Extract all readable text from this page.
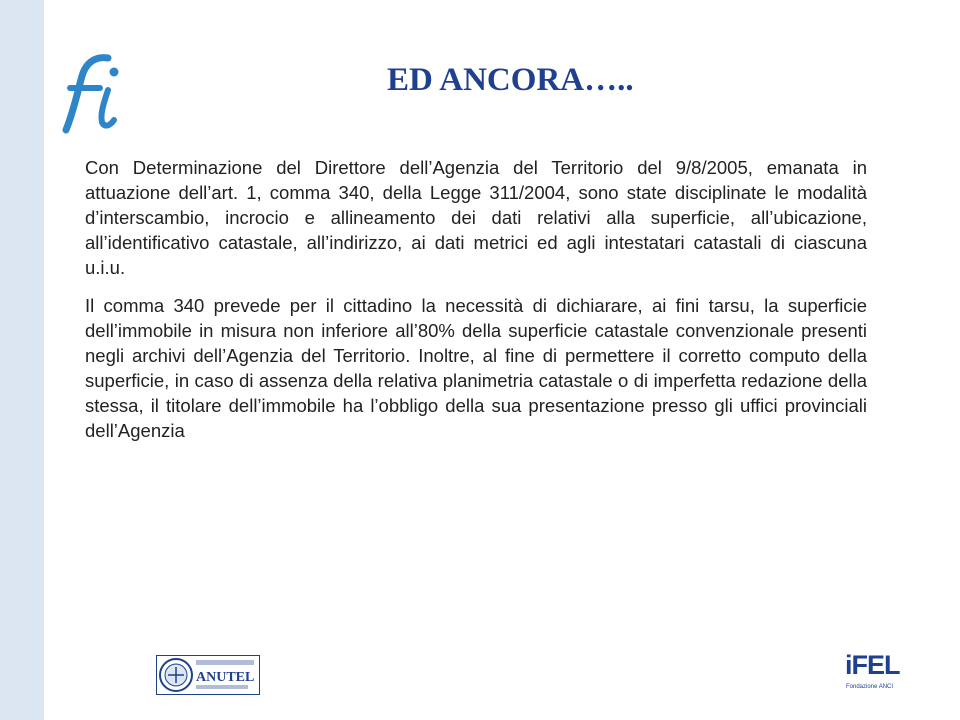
ED ANCORA…..

Con Determinazione del Direttore dell’Agenzia del Territorio del 9/8/2005, emanata in attuazione dell’art. 1, comma 340, della Legge 311/2004, sono state disciplinate le modalità d’interscambio, incrocio e allineamento dei dati relativi alla superficie, all’ubicazione, all’identificativo catastale, all’indirizzo, ai dati metrici ed agli intestatari catastali di ciascuna u.i.u.

Il comma 340 prevede per il cittadino la necessità di dichiarare, ai fini tarsu, la superficie dell’immobile in misura non inferiore all’80% della superficie catastale convenzionale presenti negli archivi dell’Agenzia del Territorio. Inoltre, al fine di permettere il corretto computo della superficie, in caso di assenza della relativa planimetria catastale o di imperfetta redazione della stessa, il titolare dell’immobile ha l’obbligo della sua presentazione presso gli uffici provinciali dell’Agenzia

ANUTEL	iFEL
Fondazione ANCI
